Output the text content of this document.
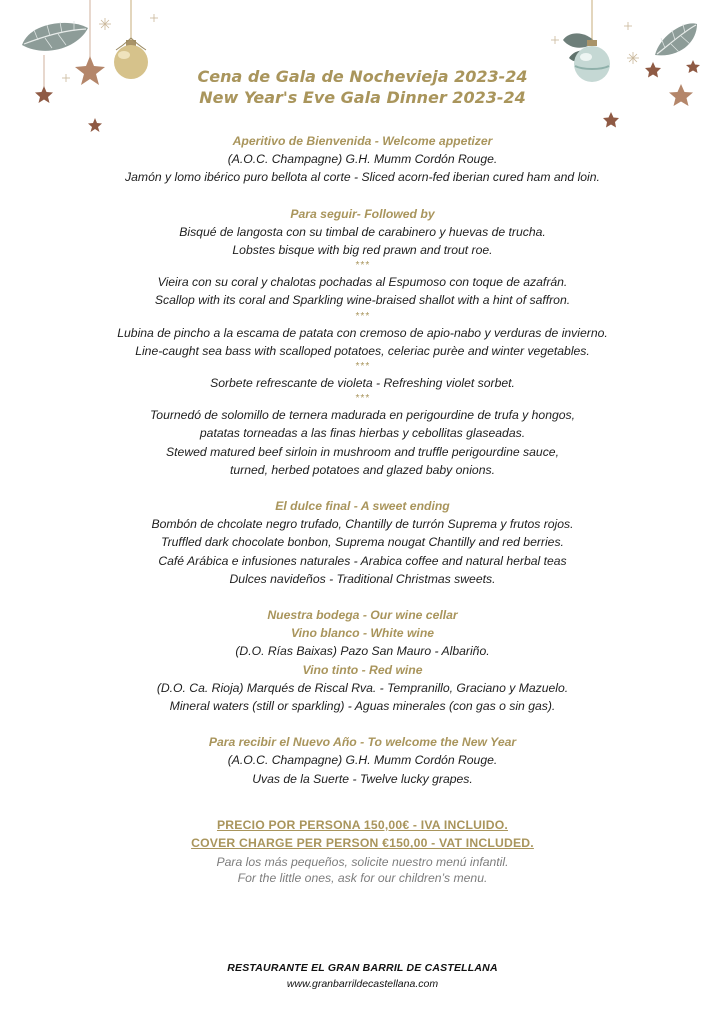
Cena de Gala de Nochevieja 2023-24
New Year's Eve Gala Dinner 2023-24
Aperitivo de Bienvenida - Welcome appetizer
(A.O.C. Champagne) G.H. Mumm Cordón Rouge.
Jamón y lomo ibérico puro bellota al corte - Sliced acorn-fed iberian cured ham and loin.
Para seguir- Followed by
Bisqué de langosta con su timbal de carabinero y huevas de trucha.
Lobstes bisque with big red prawn and trout roe.
***
Vieira con su coral y chalotas pochadas al Espumoso con toque de azafrán.
Scallop with its coral and Sparkling wine-braised shallot with a hint of saffron.
***
Lubina de pincho a la escama de patata con cremoso de apio-nabo y verduras de invierno.
Line-caught sea bass with scalloped potatoes, celeriac purèe and winter vegetables.
***
Sorbete refrescante de violeta - Refreshing violet sorbet.
***
Tournedó de solomillo de ternera madurada en perigourdine de trufa y hongos,
patatas torneadas a las finas hierbas y cebollitas glaseadas.
Stewed matured beef sirloin in mushroom and truffle perigourdine sauce,
turned, herbed potatoes and glazed baby onions.
El dulce final - A sweet ending
Bombón de chcolate negro trufado, Chantilly de turrón Suprema y frutos rojos.
Truffled dark chocolate bonbon, Suprema nougat Chantilly and red berries.
Café Arábica e infusiones naturales - Arabica coffee and natural herbal teas
Dulces navideños - Traditional Christmas sweets.
Nuestra bodega - Our wine cellar
Vino blanco - White wine
(D.O. Rías Baixas) Pazo San Mauro - Albariño.
Vino tinto - Red wine
(D.O. Ca. Rioja) Marqués de Riscal Rva. - Tempranillo, Graciano y Mazuelo.
Mineral waters (still or sparkling) - Aguas minerales (con gas o sin gas).
Para recibir el Nuevo Año - To welcome the New Year
(A.O.C. Champagne) G.H. Mumm Cordón Rouge.
Uvas de la Suerte - Twelve lucky grapes.
PRECIO POR PERSONA 150,00€ - IVA INCLUIDO.
COVER CHARGE PER PERSON €150,00 - VAT INCLUDED.
Para los más pequeños, solicite nuestro menú infantil.
For the little ones, ask for our children’s menu.
RESTAURANTE EL GRAN BARRIL DE CASTELLANA
www.granbarrildecastellana.com
